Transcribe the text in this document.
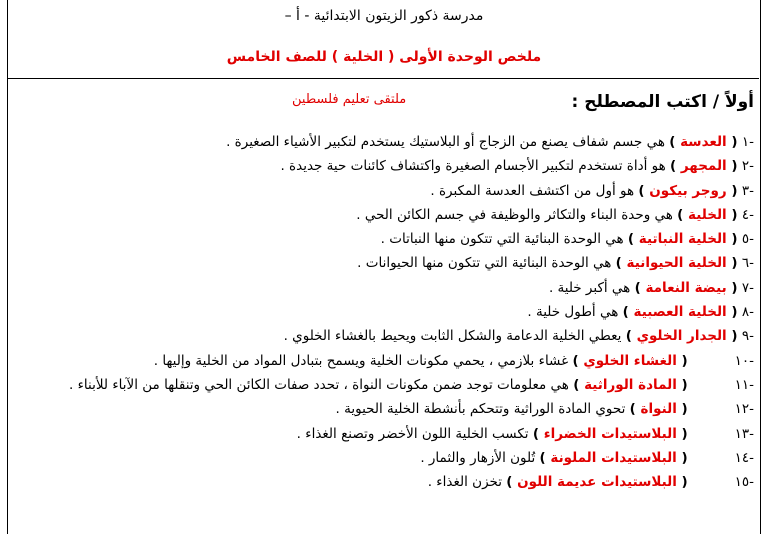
مدرسة ذكور الزيتون الابتدائية - أ –
ملخص الوحدة الأولى ( الخلية ) للصف الخامس
أولاً / اكتب المصطلح :
ملتقى تعليم فلسطين
-١ ( العدسة ) هي جسم شفاف يصنع من الزجاج أو البلاستيك يستخدم لتكبير الأشياء الصغيرة .
-٢ ( المجهر ) هو أداة تستخدم لتكبير الأجسام الصغيرة واكتشاف كائنات حية جديدة .
-٣ ( روجر بيكون ) هو أول من اكتشف العدسة المكبرة .
-٤ ( الخلية ) هي وحدة البناء والتكاثر والوظيفة في جسم الكائن الحي .
-٥ ( الخلية النباتية ) هي الوحدة البنائية التي تتكون منها النباتات .
-٦ ( الخلية الحيوانية ) هي الوحدة البنائية التي تتكون منها الحيوانات .
-٧ ( بيضة النعامة ) هي أكبر خلية .
-٨ ( الخلية العصبية ) هي أطول خلية .
-٩ ( الجدار الخلوي ) يعطي الخلية الدعامة والشكل الثابت ويحيط بالغشاء الخلوي .
-١٠ ( الغشاء الخلوي ) غشاء بلازمي ، يحمي مكونات الخلية ويسمح بتبادل المواد من الخلية وإليها .
-١١ ( المادة الوراثية ) هي معلومات توجد ضمن مكونات النواة ، تحدد صفات الكائن الحي وتنقلها من الآباء للأبناء .
-١٢ ( النواة ) تحوي المادة الوراثية وتتحكم بأنشطة الخلية الحيوية .
-١٣ ( البلاستيدات الخضراء ) تكسب الخلية اللون الأخضر وتصنع الغذاء .
-١٤ ( البلاستيدات الملونة ) تُلون الأزهار والثمار .
-١٥ ( البلاستيدات عديمة اللون ) تخزن الغذاء .
